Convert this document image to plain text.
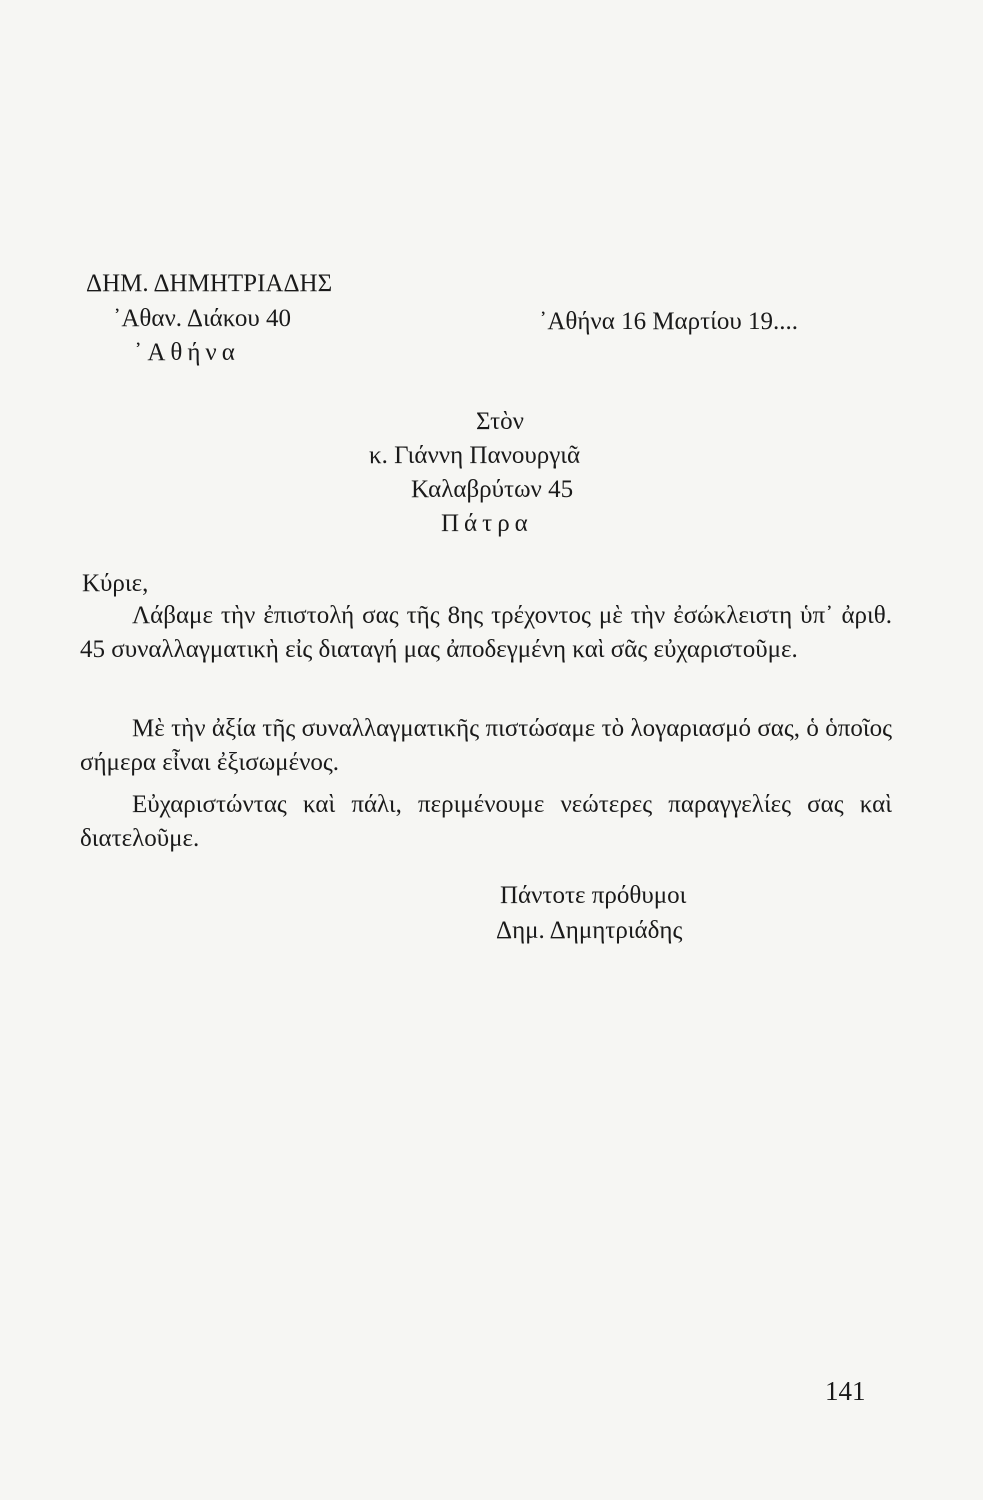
ΔΗΜ. ΔΗΜΗΤΡΙΑΔΗΣ
᾿Αθαν. Διάκου 40
᾿Αθήνα
᾿Αθήνα 16 Μαρτίου 19....
Στὸν
κ. Γιάννη Πανουργιᾶ
Καλαβρύτων 45
Πάτρα
Κύριε,

Λάβαμε τὴν ἐπιστολή σας τῆς 8ης τρέχοντος μὲ τὴν ἐσώκλειστη ὑπ᾿ ἀριθ. 45 συναλλαγματικὴ εἰς διαταγή μας ἀποδεγμένη καὶ σᾶς εὐχαριστοῦμε.

Μὲ τὴν ἀξία τῆς συναλλαγματικῆς πιστώσαμε τὸ λογαριασμό σας, ὁ ὁποῖος σήμερα εἶναι ἐξισωμένος.

Εὐχαριστώντας καὶ πάλι, περιμένουμε νεώτερες παραγγελίες σας καὶ διατελοῦμε.

Πάντοτε πρόθυμοι
Δημ. Δημητριάδης
141
